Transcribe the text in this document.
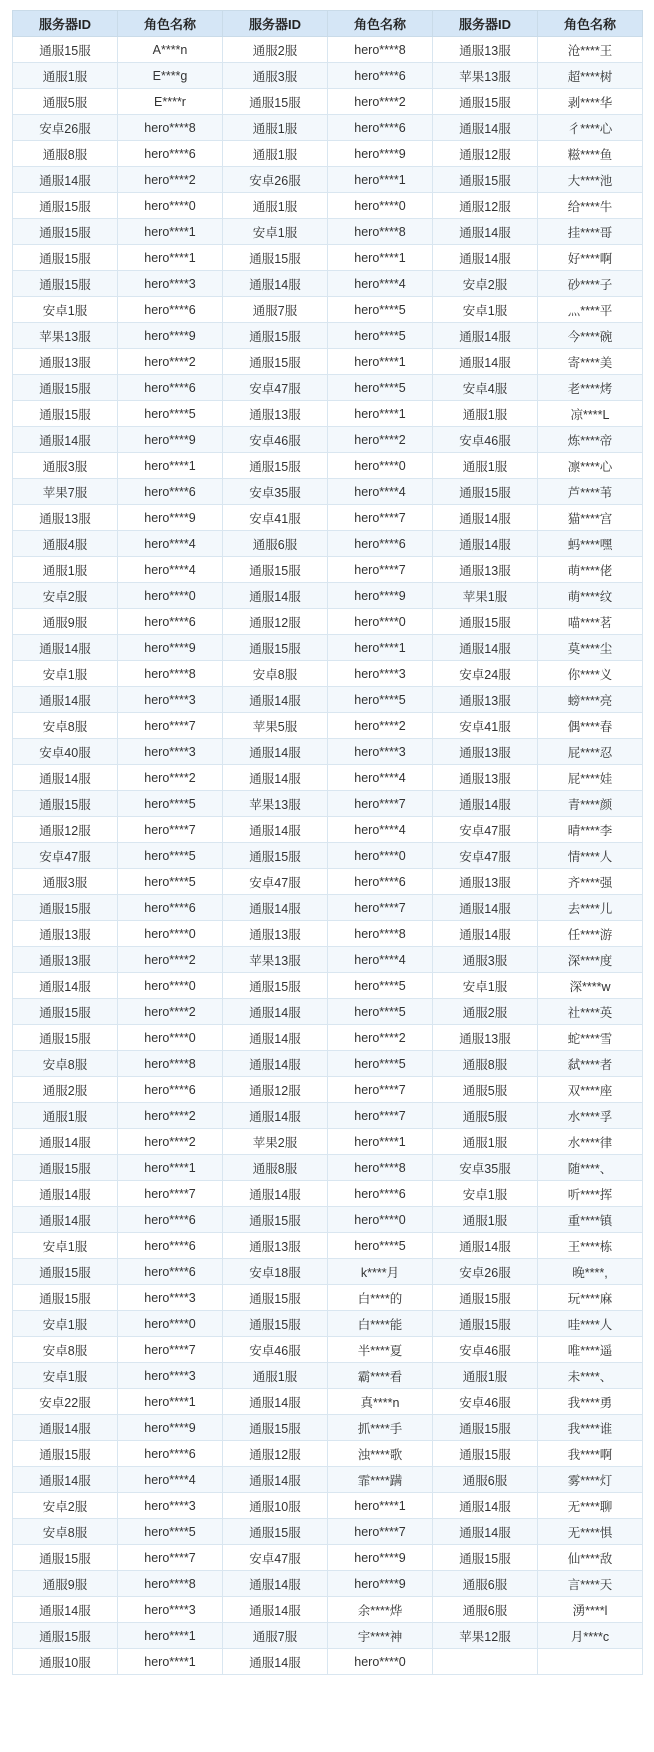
服务器ID	角色名称	服务器ID	角色名称	服务器ID	角色名称
通服15服	A****n	通服2服	hero****8	通服13服	沧****王
通服1服	E****g	通服3服	hero****6	苹果13服	超****树
通服5服	E****r	通服15服	hero****2	通服15服	剥****华
安卓26服	hero****8	通服1服	hero****6	通服14服	彳****心
通服8服	hero****6	通服1服	hero****9	通服12服	糍****鱼
通服14服	hero****2	安卓26服	hero****1	通服15服	大****池
通服15服	hero****0	通服1服	hero****0	通服12服	给****牛
通服15服	hero****1	安卓1服	hero****8	通服14服	挂****哥
通服15服	hero****1	通服15服	hero****1	通服14服	好****啊
通服15服	hero****3	通服14服	hero****4	安卓2服	砂****子
安卓1服	hero****6	通服7服	hero****5	安卓1服	灬****平
苹果13服	hero****9	通服15服	hero****5	通服14服	今****碗
通服13服	hero****2	通服15服	hero****1	通服14服	寄****美
通服15服	hero****6	安卓47服	hero****5	安卓4服	老****烤
通服15服	hero****5	通服13服	hero****1	通服1服	凉****L
通服14服	hero****9	安卓46服	hero****2	安卓46服	炼****帝
通服3服	hero****1	通服15服	hero****0	通服1服	凛****心
苹果7服	hero****6	安卓35服	hero****4	通服15服	芦****苇
通服13服	hero****9	安卓41服	hero****7	通服14服	猫****宫
通服4服	hero****4	通服6服	hero****6	通服14服	蚂****嘿
通服1服	hero****4	通服15服	hero****7	通服13服	萌****佬
安卓2服	hero****0	通服14服	hero****9	苹果1服	萌****纹
通服9服	hero****6	通服12服	hero****0	通服15服	喵****茗
通服14服	hero****9	通服15服	hero****1	通服14服	莫****尘
安卓1服	hero****8	安卓8服	hero****3	安卓24服	你****义
通服14服	hero****3	通服14服	hero****5	通服13服	螃****亮
安卓8服	hero****7	苹果5服	hero****2	安卓41服	偶****春
安卓40服	hero****3	通服14服	hero****3	通服13服	屁****忍
通服14服	hero****2	通服14服	hero****4	通服13服	屁****娃
通服15服	hero****5	苹果13服	hero****7	通服14服	青****颜
通服12服	hero****7	通服14服	hero****4	安卓47服	晴****李
安卓47服	hero****5	通服15服	hero****0	安卓47服	情****人
通服3服	hero****5	安卓47服	hero****6	通服13服	齐****强
通服15服	hero****6	通服14服	hero****7	通服14服	去****儿
通服13服	hero****0	通服13服	hero****8	通服14服	任****游
通服13服	hero****2	苹果13服	hero****4	通服3服	深****度
通服14服	hero****0	通服15服	hero****5	安卓1服	深****w
通服15服	hero****2	通服14服	hero****5	通服2服	社****英
通服15服	hero****0	通服14服	hero****2	通服13服	蛇****雪
安卓8服	hero****8	通服14服	hero****5	通服8服	弑****者
通服2服	hero****6	通服12服	hero****7	通服5服	双****座
通服1服	hero****2	通服14服	hero****7	通服5服	水****孚
通服14服	hero****2	苹果2服	hero****1	通服1服	水****律
通服15服	hero****1	通服8服	hero****8	安卓35服	随****、
通服14服	hero****7	通服14服	hero****6	安卓1服	听****挥
通服14服	hero****6	通服15服	hero****0	通服1服	重****镇
安卓1服	hero****6	通服13服	hero****5	通服14服	王****栋
通服15服	hero****6	安卓18服	k****月	安卓26服	晚****,
通服15服	hero****3	通服15服	白****的	通服15服	玩****麻
安卓1服	hero****0	通服15服	白****能	通服15服	哇****人
安卓8服	hero****7	安卓46服	半****夏	安卓46服	唯****遥
安卓1服	hero****3	通服1服	霸****看	通服1服	未****、
安卓22服	hero****1	通服14服	真****n	安卓46服	我****勇
通服14服	hero****9	通服15服	抓****手	通服15服	我****谁
通服15服	hero****6	通服12服	浊****歌	通服15服	我****啊
通服14服	hero****4	通服14服	霏****蹒	通服6服	雾****灯
安卓2服	hero****3	通服10服	hero****1	通服14服	无****聊
安卓8服	hero****5	通服15服	hero****7	通服14服	无****惧
通服15服	hero****7	安卓47服	hero****9	通服15服	仙****敌
通服9服	hero****8	通服14服	hero****9	通服6服	言****天
通服14服	hero****3	通服14服	余****烨	通服6服	湧****l
通服15服	hero****1	通服7服	宇****神	苹果12服	月****c
通服10服	hero****1	通服14服	hero****0		
